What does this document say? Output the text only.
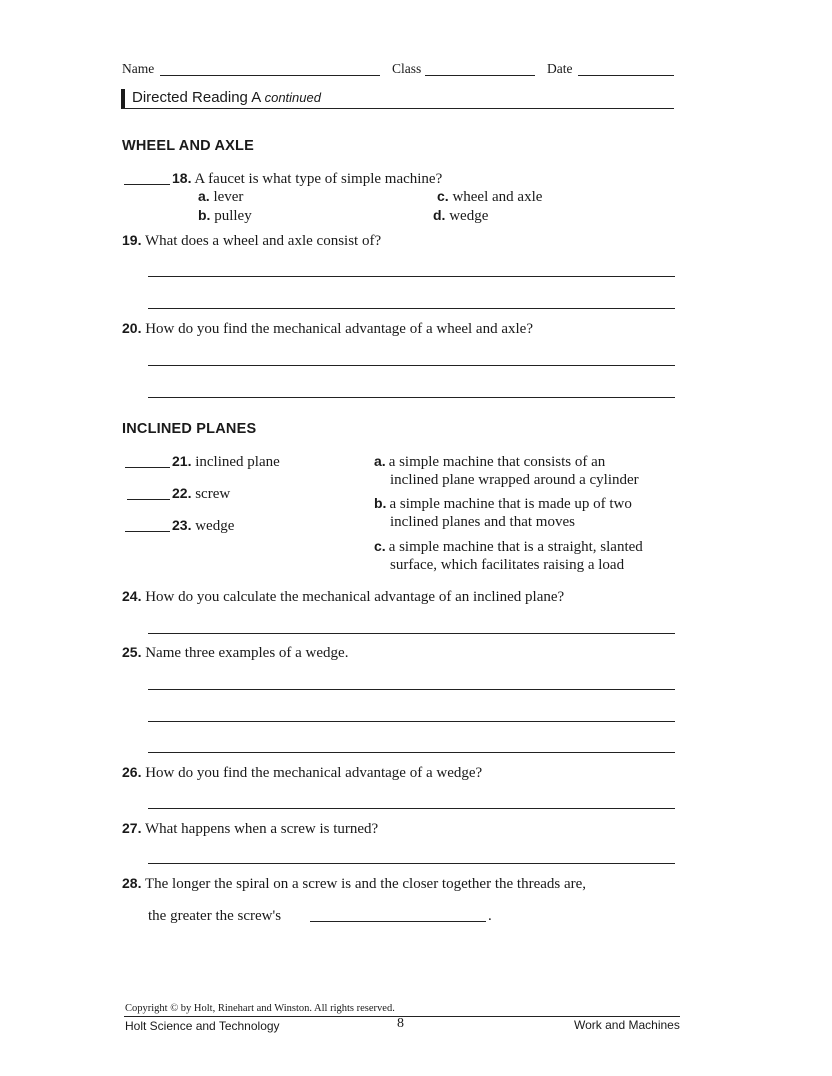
Name	Class	Date
Directed Reading A continued
WHEEL AND AXLE
18. A faucet is what type of simple machine?
a. lever
b. pulley
c. wheel and axle
d. wedge
19. What does a wheel and axle consist of?
20. How do you find the mechanical advantage of a wheel and axle?
INCLINED PLANES
21. inclined plane
22. screw
23. wedge
a. a simple machine that consists of an
inclined plane wrapped around a cylinder
b. a simple machine that is made up of two
inclined planes and that moves
c. a simple machine that is a straight, slanted
surface, which facilitates raising a load
24. How do you calculate the mechanical advantage of an inclined plane?
25. Name three examples of a wedge.
26. How do you find the mechanical advantage of a wedge?
27. What happens when a screw is turned?
28. The longer the spiral on a screw is and the closer together the threads are,
the greater the screw's	.
Copyright © by Holt, Rinehart and Winston. All rights reserved.
Holt Science and Technology	8	Work and Machines
